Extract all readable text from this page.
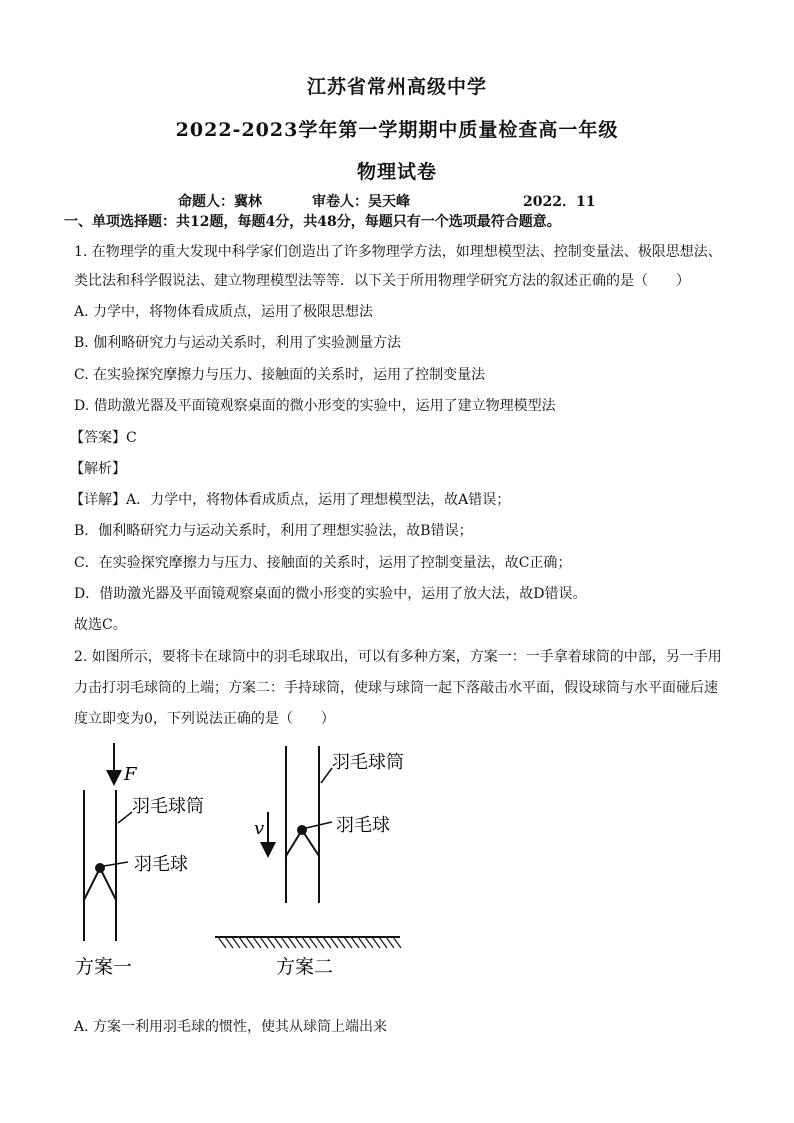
江苏省常州高级中学
2022-2023学年第一学期期中质量检查高一年级
物理试卷
命题人：冀林	审卷人：吴天峰	2022．11
一、单项选择题：共12题，每题4分，共48分，每题只有一个选项最符合题意。
1. 在物理学的重大发现中科学家们创造出了许多物理学方法，如理想模型法、控制变量法、极限思想法、
类比法和科学假说法、建立物理模型法等等．以下关于所用物理学研究方法的叙述正确的是（　　）
A. 力学中，将物体看成质点，运用了极限思想法
B. 伽利略研究力与运动关系时，利用了实验测量方法
C. 在实验探究摩擦力与压力、接触面的关系时，运用了控制变量法
D. 借助激光器及平面镜观察桌面的微小形变的实验中，运用了建立物理模型法
【答案】C
【解析】
【详解】A．力学中，将物体看成质点，运用了理想模型法，故A错误；
B．伽利略研究力与运动关系时，利用了理想实验法，故B错误；
C．在实验探究摩擦力与压力、接触面的关系时，运用了控制变量法，故C正确；
D．借助激光器及平面镜观察桌面的微小形变的实验中，运用了放大法，故D错误。
故选C。
2. 如图所示，要将卡在球筒中的羽毛球取出，可以有多种方案，方案一：一手拿着球筒的中部，另一手用
力击打羽毛球筒的上端；方案二：手持球筒，使球与球筒一起下落敲击水平面，假设球筒与水平面碰后速
度立即变为0，下列说法正确的是（　　）
F
羽毛球筒
羽毛球
方案一
羽毛球筒
羽毛球
v
方案二
A. 方案一利用羽毛球的惯性，使其从球筒上端出来
